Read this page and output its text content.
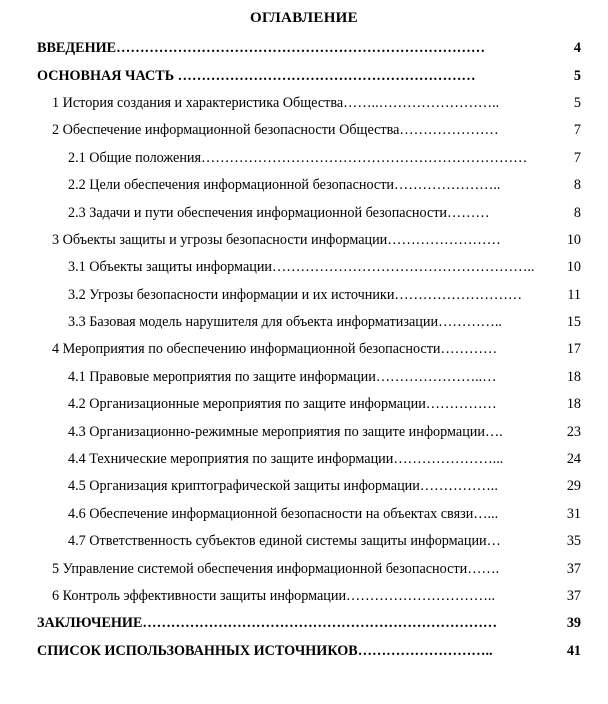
ОГЛАВЛЕНИЕ
ВВЕДЕНИЕ……………………………………………………………………	4
ОСНОВНАЯ ЧАСТЬ ………………………………………………………	5
1 История создания и характеристика Общества……..……………………..	5
2 Обеспечение информационной безопасности Общества…………………	7
2.1 Общие положения……………………………………………………………	7
2.2 Цели обеспечения информационной безопасности…………………..	8
2.3 Задачи и пути обеспечения информационной безопасности………	8
3 Объекты защиты и угрозы безопасности информации……………………	10
3.1 Объекты защиты информации……………………………………………….. 10
3.2 Угрозы безопасности информации и их источники………………………	11
3.3 Базовая модель нарушителя для объекта информатизации…………..	15
4 Мероприятия по обеспечению информационной безопасности…………	17
4.1 Правовые мероприятия по защите информации…………………..…	18
4.2 Организационные мероприятия по защите информации……………	18
4.3 Организационно-режимные мероприятия по защите информации….	23
4.4 Технические мероприятия по защите информации…………………...	24
4.5 Организация криптографической защиты информации……………..	29
4.6 Обеспечение информационной безопасности на объектах связи…...	31
4.7 Ответственность субъектов единой системы защиты информации…	35
5 Управление системой обеспечения информационной безопасности…….	37
6 Контроль эффективности защиты информации…………………………..	37
ЗАКЛЮЧЕНИЕ…………………………………………………………………	39
СПИСОК ИСПОЛЬЗОВАННЫХ ИСТОЧНИКОВ………………………..	41
